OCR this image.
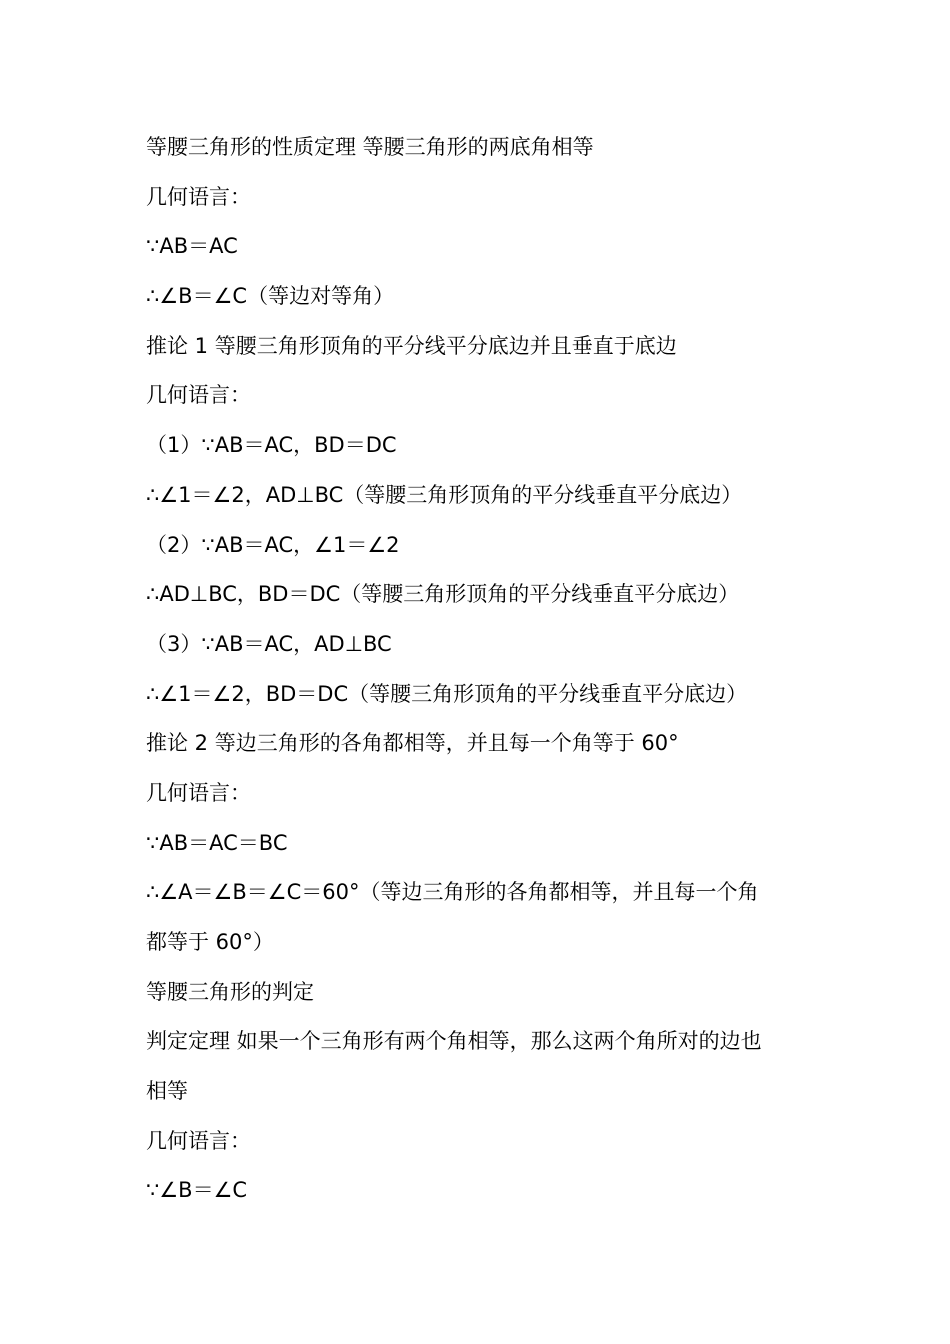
等腰三角形的性质定理 等腰三角形的两底角相等
几何语言：
∵AB＝AC
∴∠B＝∠C（等边对等角）
推论 1 等腰三角形顶角的平分线平分底边并且垂直于底边
几何语言：
（1）∵AB＝AC，BD＝DC
∴∠1＝∠2，AD⊥BC（等腰三角形顶角的平分线垂直平分底边）
（2）∵AB＝AC，∠1＝∠2
∴AD⊥BC，BD＝DC（等腰三角形顶角的平分线垂直平分底边）
（3）∵AB＝AC，AD⊥BC
∴∠1＝∠2，BD＝DC（等腰三角形顶角的平分线垂直平分底边）
推论 2 等边三角形的各角都相等，并且每一个角等于 60°
几何语言：
∵AB＝AC＝BC
∴∠A＝∠B＝∠C＝60°（等边三角形的各角都相等，并且每一个角
都等于 60°）
等腰三角形的判定
判定定理 如果一个三角形有两个角相等，那么这两个角所对的边也
相等
几何语言：
∵∠B＝∠C
